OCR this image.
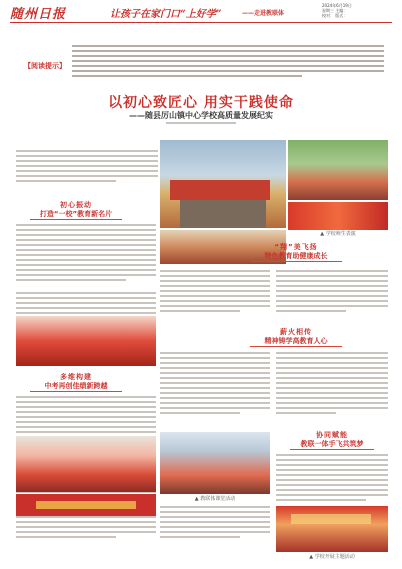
随州日报	让孩子在家门口“上好学”	——走进教联体
2024年6月19日
星期三 主编：
校对： 版式：
【阅读提示】
以初心致匠心 用实干践使命
——随县厉山镇中心学校高质量发展纪实
初心振动
打造“一校”教育新名片
多维构建
中考再创佳绩新跨越
▲ 学校师生表演
“翔”美飞扬
特色教育助健康成长
薪火相传
精神铸学高教育人心
▲ 教联体课堂活动
协同赋能
教联一体手飞共筑梦
▲ 学校开展主题活动
